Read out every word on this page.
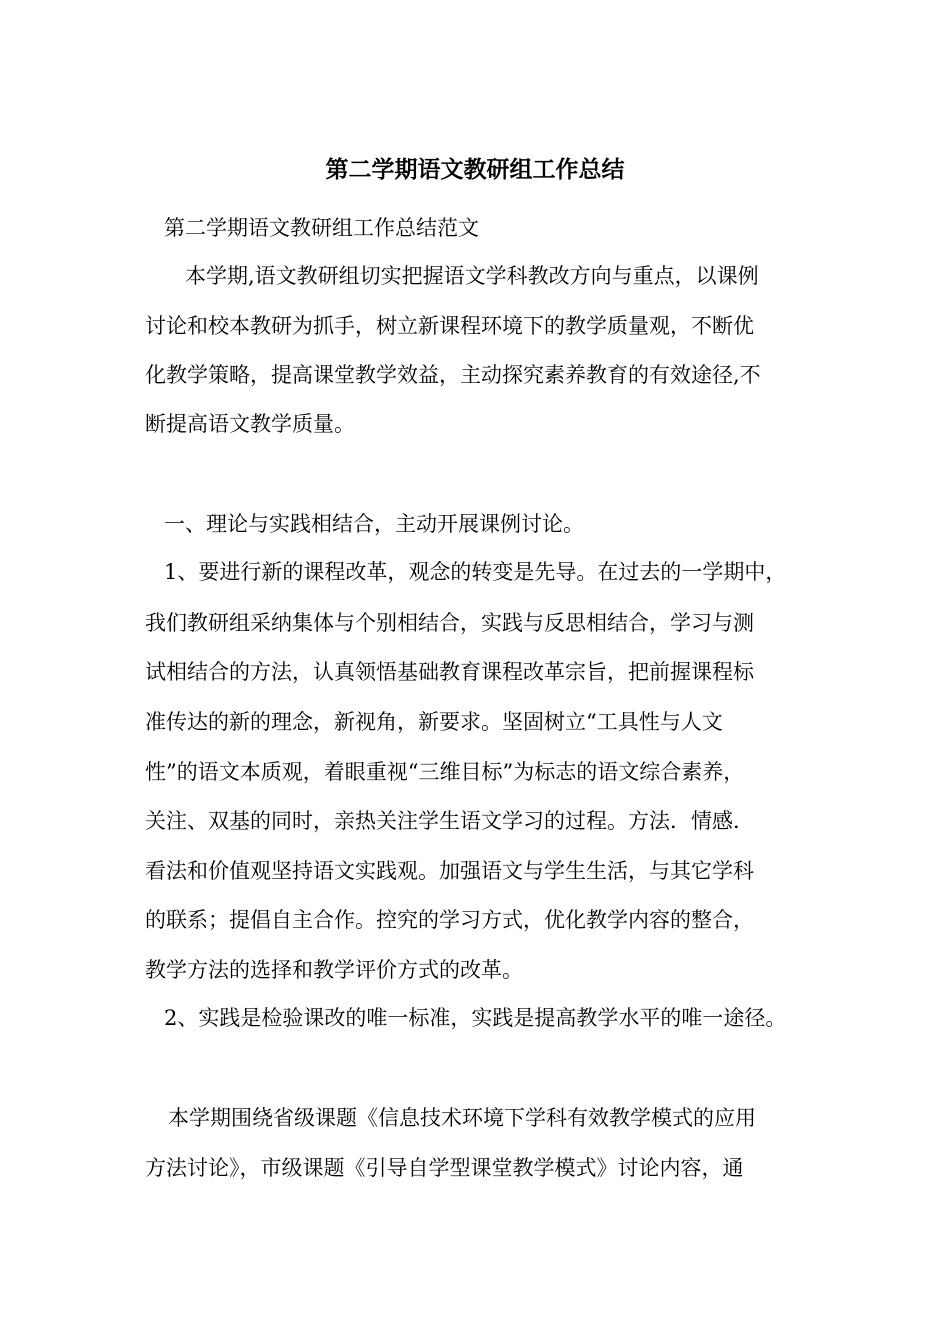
第二学期语文教研组工作总结
第二学期语文教研组工作总结范文
本学期,语文教研组切实把握语文学科教改方向与重点，以课例
讨论和校本教研为抓手，树立新课程环境下的教学质量观，不断优
化教学策略，提高课堂教学效益，主动探究素养教育的有效途径,不
断提高语文教学质量。
一、理论与实践相结合，主动开展课例讨论。
1、要进行新的课程改革，观念的转变是先导。在过去的一学期中，
我们教研组采纳集体与个别相结合，实践与反思相结合，学习与测
试相结合的方法，认真领悟基础教育课程改革宗旨，把前握课程标
准传达的新的理念，新视角，新要求。坚固树立“工具性与人文
性”的语文本质观，着眼重视“三维目标”为标志的语文综合素养，
关注、双基的同时，亲热关注学生语文学习的过程。方法．情感．
看法和价值观坚持语文实践观。加强语文与学生生活，与其它学科
的联系；提倡自主合作。控究的学习方式，优化教学内容的整合，
教学方法的选择和教学评价方式的改革。
2、实践是检验课改的唯一标准，实践是提高教学水平的唯一途径。
本学期围绕省级课题《信息技术环境下学科有效教学模式的应用
方法讨论》，市级课题《引导自学型课堂教学模式》讨论内容，通
